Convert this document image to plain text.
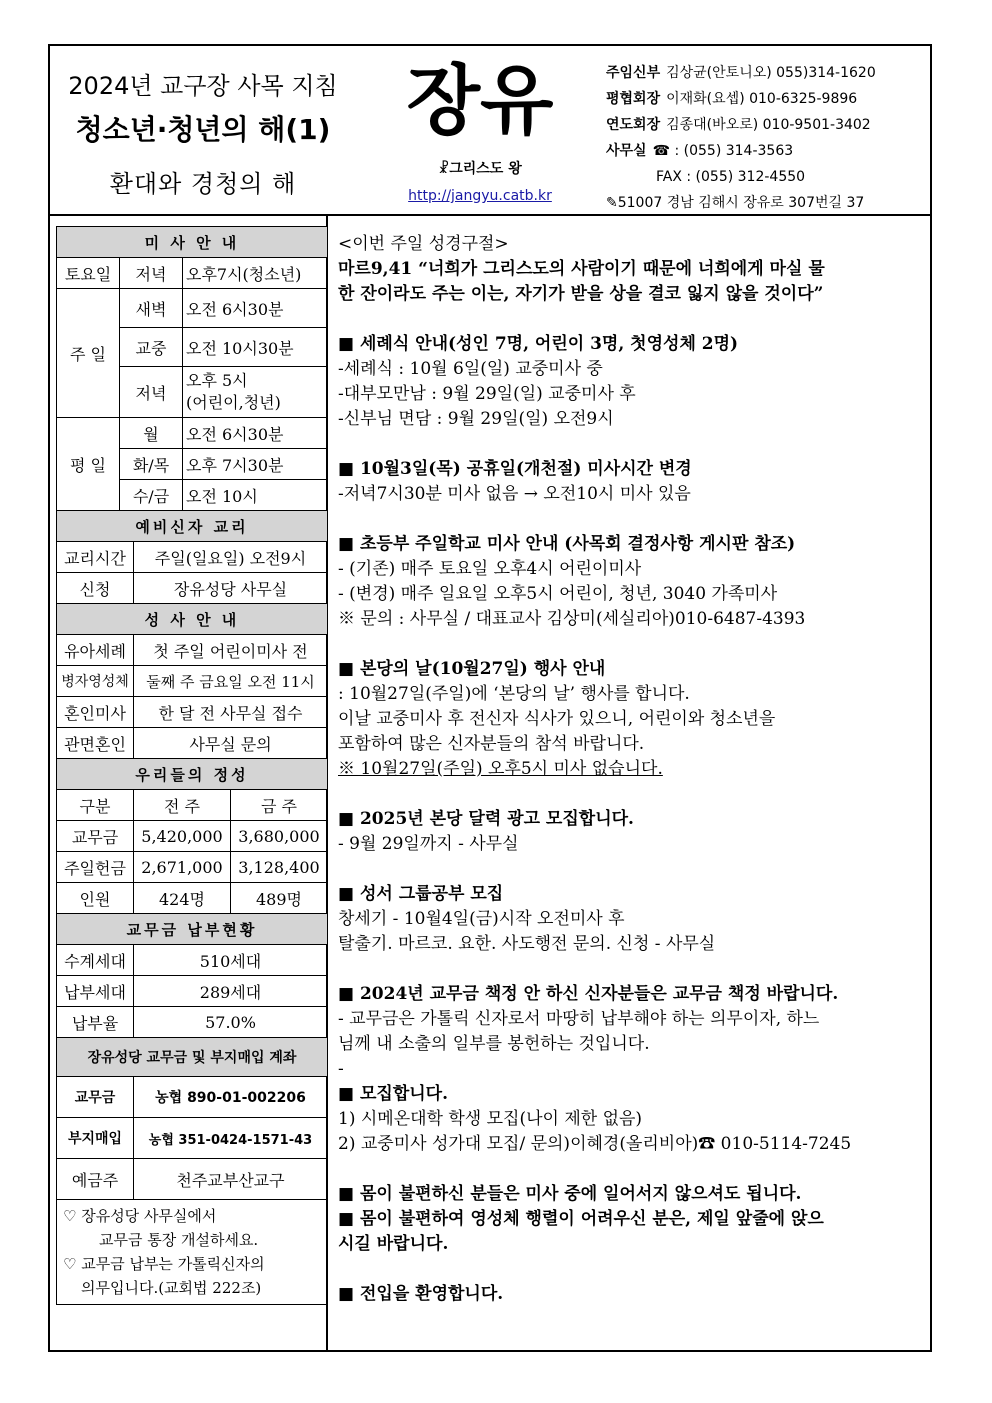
2024년 교구장 사목 지침
청소년·청년의 해(1)
환대와 경청의 해
장유
☧그리스도 왕
http://jangyu.catb.kr
주임신부 김상균(안토니오) 055)314-1620
평협회장 이재화(요셉) 010-6325-9896
연도회장 김종대(바오로) 010-9501-3402
사무실 ☎ : (055) 314-3563
FAX : (055) 312-4550
✎51007 경남 김해시 장유로 307번길 37
미 사 안 내		
토요일	저녁	오후7시(청소년)
주 일	새벽	오전 6시30분
	교중	오전 10시30분
	저녁	오후 5시
(어린이,청년)
평 일	월	오전 6시30분
	화/목	오후 7시30분
	수/금	오전 10시
예비신자 교리	
교리시간	주일(일요일) 오전9시
신청	장유성당 사무실
성 사 안 내	
유아세례	첫 주일 어린이미사 전
병자영성체	둘째 주 금요일 오전 11시
혼인미사	한 달 전 사무실 접수
관면혼인	사무실 문의
우리들의 정성		
구분	전 주	금 주
교무금	5,420,000	3,680,000
주일헌금	2,671,000	3,128,400
인원	424명	489명
교무금 납부현황	
수계세대	510세대
납부세대	289세대
납부율	57.0%
장유성당 교무금 및 부지매입 계좌	
교무금	농협 890-01-002206
부지매입	농협 351-0424-1571-43
예금주	천주교부산교구
♡ 장유성당 사무실에서
교무금 통장 개설하세요.
♡ 교무금 납부는 가톨릭신자의
의무입니다.(교회법 222조)

<이번 주일 성경구절>

마르9,41 “너희가 그리스도의 사람이기 때문에 너희에게 마실 물

한 잔이라도 주는 이는, 자기가 받을 상을 결코 잃지 않을 것이다”

■ 세례식 안내(성인 7명, 어린이 3명, 첫영성체 2명)

-세례식 : 10월 6일(일) 교중미사 중

-대부모만남 : 9월 29일(일) 교중미사 후

-신부님 면담 : 9월 29일(일) 오전9시

■ 10월3일(목) 공휴일(개천절) 미사시간 변경

-저녁7시30분 미사 없음 → 오전10시 미사 있음

■ 초등부 주일학교 미사 안내 (사목회 결정사항 게시판 참조)

- (기존) 매주 토요일 오후4시 어린이미사

- (변경) 매주 일요일 오후5시 어린이, 청년, 3040 가족미사

※ 문의 : 사무실 / 대표교사 김상미(세실리아)010-6487-4393

■ 본당의 날(10월27일) 행사 안내

: 10월27일(주일)에 ‘본당의 날’ 행사를 합니다.

이날 교중미사 후 전신자 식사가 있으니, 어린이와 청소년을

포함하여 많은 신자분들의 참석 바랍니다.

※ 10월27일(주일) 오후5시 미사 없습니다.

■ 2025년 본당 달력 광고 모집합니다.

- 9월 29일까지 - 사무실

■ 성서 그룹공부 모집

창세기 - 10월4일(금)시작 오전미사 후

탈출기. 마르코. 요한. 사도행전 문의. 신청 - 사무실

■ 2024년 교무금 책정 안 하신 신자분들은 교무금 책정 바랍니다.

- 교무금은 가톨릭 신자로서 마땅히 납부해야 하는 의무이자, 하느

님께 내 소출의 일부를 봉헌하는 것입니다.

-

■ 모집합니다.

1) 시메온대학 학생 모집(나이 제한 없음)

2) 교중미사 성가대 모집/ 문의)이혜경(올리비아)☎ 010-5114-7245

■ 몸이 불편하신 분들은 미사 중에 일어서지 않으셔도 됩니다.

■ 몸이 불편하여 영성체 행렬이 어려우신 분은, 제일 앞줄에 앉으

시길 바랍니다.

■ 전입을 환영합니다.
